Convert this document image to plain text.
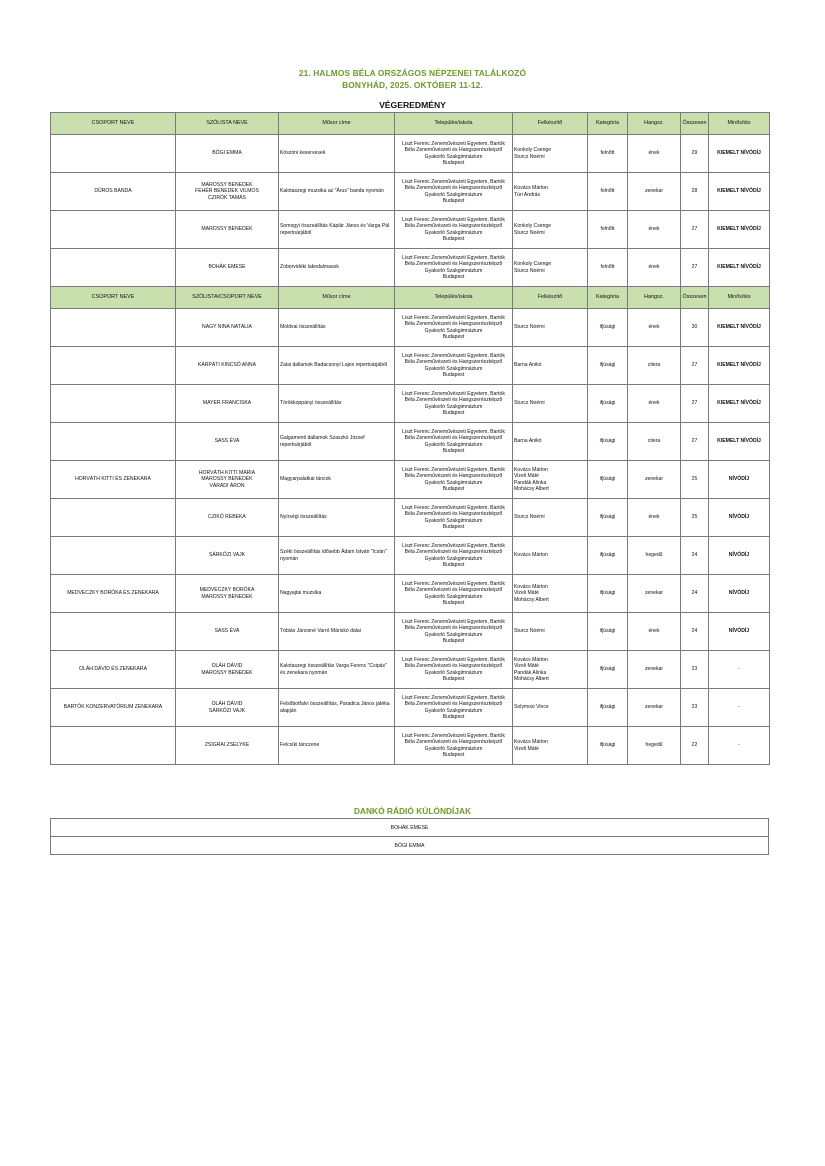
21. HALMOS BÉLA ORSZÁGOS NÉPZENEI TALÁLKOZÓ
BONYHÁD, 2025. OKTÓBER 11-12.
VÉGEREDMÉNY
CSOPORT NEVE	SZÓLISTA NEVE	Műsor címe	Település/iskola	Felkészítő	Kategória	Hangsz.	Összesen	Minősítés

	BÖGI EMMA	Köszöni keservesek	Liszt Ferenc Zeneművészeti Egyetem, Bartók
Béla Zeneművészeti és Hangszerészképző
Gyakorló Szakgimnázium
Budapest	Konkoly Csenge
Sturcz Noémi	felnőtt	ének	29	KIEMELT NÍVÓDÍJ
DŰROS BANDA	MAROSSY BENEDEK
FEHÉR BENEDEK VILMOS
CZIRÓK TAMÁS	Kalotaszegi muzsika az "Árus" banda nyomán	Liszt Ferenc Zeneművészeti Egyetem, Bartók
Béla Zeneművészeti és Hangszerészképző
Gyakorló Szakgimnázium
Budapest	Kovács Márton
Túri András	felnőtt	zenekar	28	KIEMELT NÍVÓDÍJ

	MAROSSY BENEDEK	Somogyi összeállítás Káplár János és Varga Pál repertoárjából	Liszt Ferenc Zeneművészeti Egyetem, Bartók
Béla Zeneművészeti és Hangszerészképző
Gyakorló Szakgimnázium
Budapest	Konkoly Csenge
Sturcz Noémi	felnőtt	ének	27	KIEMELT NÍVÓDÍJ

	BOHÁK EMESE	Zoborvidéki lakodalmasok	Liszt Ferenc Zeneművészeti Egyetem, Bartók
Béla Zeneművészeti és Hangszerészképző
Gyakorló Szakgimnázium
Budapest	Konkoly Csenge
Sturcz Noémi	felnőtt	ének	27	KIEMELT NÍVÓDÍJ
CSOPORT NEVE	SZÓLISTA/CSOPORT NEVE	Műsor címe	Település/iskola	Felkészítő	Kategória	Hangsz.	Összesen	Minősítés

	NAGY NINA NATÁLIA	Moldvai összeállítás	Liszt Ferenc Zeneművészeti Egyetem, Bartók
Béla Zeneművészeti és Hangszerészképző
Gyakorló Szakgimnázium
Budapest	Sturcz Noémi	ifjúsági	ének	30	KIEMELT NÍVÓDÍJ

	KÁRPÁTI KINCSŐ ANNA	Zalai dallamok Badacsonyi Lajos repertoárjából	Liszt Ferenc Zeneművészeti Egyetem, Bartók
Béla Zeneművészeti és Hangszerészképző
Gyakorló Szakgimnázium
Budapest	Barna Anikó	ifjúsági	citera	27	KIEMELT NÍVÓDÍJ

	MAYER FRANCISKA	Törökkoppányi összeállítás	Liszt Ferenc Zeneművészeti Egyetem, Bartók
Béla Zeneművészeti és Hangszerészképző
Gyakorló Szakgimnázium
Budapest	Sturcz Noémi	ifjúsági	ének	27	KIEMELT NÍVÓDÍJ

	SASS ÉVA	Galgamenti dallamok Szaszkó József repertoárjából	Liszt Ferenc Zeneművészeti Egyetem, Bartók
Béla Zeneművészeti és Hangszerészképző
Gyakorló Szakgimnázium
Budapest	Barna Anikó	ifjúsági	citera	27	KIEMELT NÍVÓDÍJ
HORVÁTH KITTI ÉS ZENEKARA	HORVÁTH KITTI MÁRIA
MAROSSY BENEDEK
VÁRADI ÁRON	Magyarpalatkai táncok	Liszt Ferenc Zeneművészeti Egyetem, Bartók
Béla Zeneművészeti és Hangszerészképző
Gyakorló Szakgimnázium
Budapest	Kovács Márton
Vizeli Máté
Pandák Alinka
Mohácsy Albert	ifjúsági	zenekar	25	NÍVÓDÍJ

	CZIKÓ REBEKA	Nyírségi összeállítás	Liszt Ferenc Zeneművészeti Egyetem, Bartók
Béla Zeneművészeti és Hangszerészképző
Gyakorló Szakgimnázium
Budapest	Sturcz Noémi	ifjúsági	ének	25	NÍVÓDÍJ

	SÁRKÖZI VAJK	Széki összeállítás idősebb Ádám István "Icsán" nyomán	Liszt Ferenc Zeneművészeti Egyetem, Bartók
Béla Zeneművészeti és Hangszerészképző
Gyakorló Szakgimnázium
Budapest	Kovács Márton	ifjúsági	hegedű	24	NÍVÓDÍJ
MEDVECZKY BORÓKA ÉS ZENEKARA	MEDVECZKY BORÓKA
MAROSSY BENEDEK	Nagyajtai muzsika	Liszt Ferenc Zeneművészeti Egyetem, Bartók
Béla Zeneművészeti és Hangszerészképző
Gyakorló Szakgimnázium
Budapest	Kovács Márton
Vizeli Máté
Mohácsy Albert	ifjúsági	zenekar	24	NÍVÓDÍJ

	SASS ÉVA	Tóbiás Jánosné Varró Máriskó dalai	Liszt Ferenc Zeneművészeti Egyetem, Bartók
Béla Zeneművészeti és Hangszerészképző
Gyakorló Szakgimnázium
Budapest	Sturcz Noémi	ifjúsági	ének	24	NÍVÓDÍJ
OLÁH DÁVID ÉS ZENEKARA	OLÁH DÁVID
MAROSSY BENEDEK	Kalotaszegi összeállítás Varga Ferenc "Csipás" és zenekara nyomán	Liszt Ferenc Zeneművészeti Egyetem, Bartók
Béla Zeneművészeti és Hangszerészképző
Gyakorló Szakgimnázium
Budapest	Kovács Márton
Vizeli Máté
Pandák Alinka
Mohácsy Albert	ifjúsági	zenekar	23	-
BARTÓK KONZERVATÓRIUM ZENEKARA	OLÁH DÁVID
SÁRKÖZI VAJK	Felsőbotfalvi összeállítás, Paradica János játéka alapján	Liszt Ferenc Zeneművészeti Egyetem, Bartók
Béla Zeneművészeti és Hangszerészképző
Gyakorló Szakgimnázium
Budapest	Solymosi Vince	ifjúsági	zenekar	23	-

	ZSIGRAI ZSELYKE	Felcsíki tánczene	Liszt Ferenc Zeneművészeti Egyetem, Bartók
Béla Zeneművészeti és Hangszerészképző
Gyakorló Szakgimnázium
Budapest	Kovács Márton
Vizeli Máté	ifjúsági	hegedű	22	-
DANKÓ RÁDIÓ KÜLÖNDÍJAK
BOHÁK EMESE
BÖGI EMMA
